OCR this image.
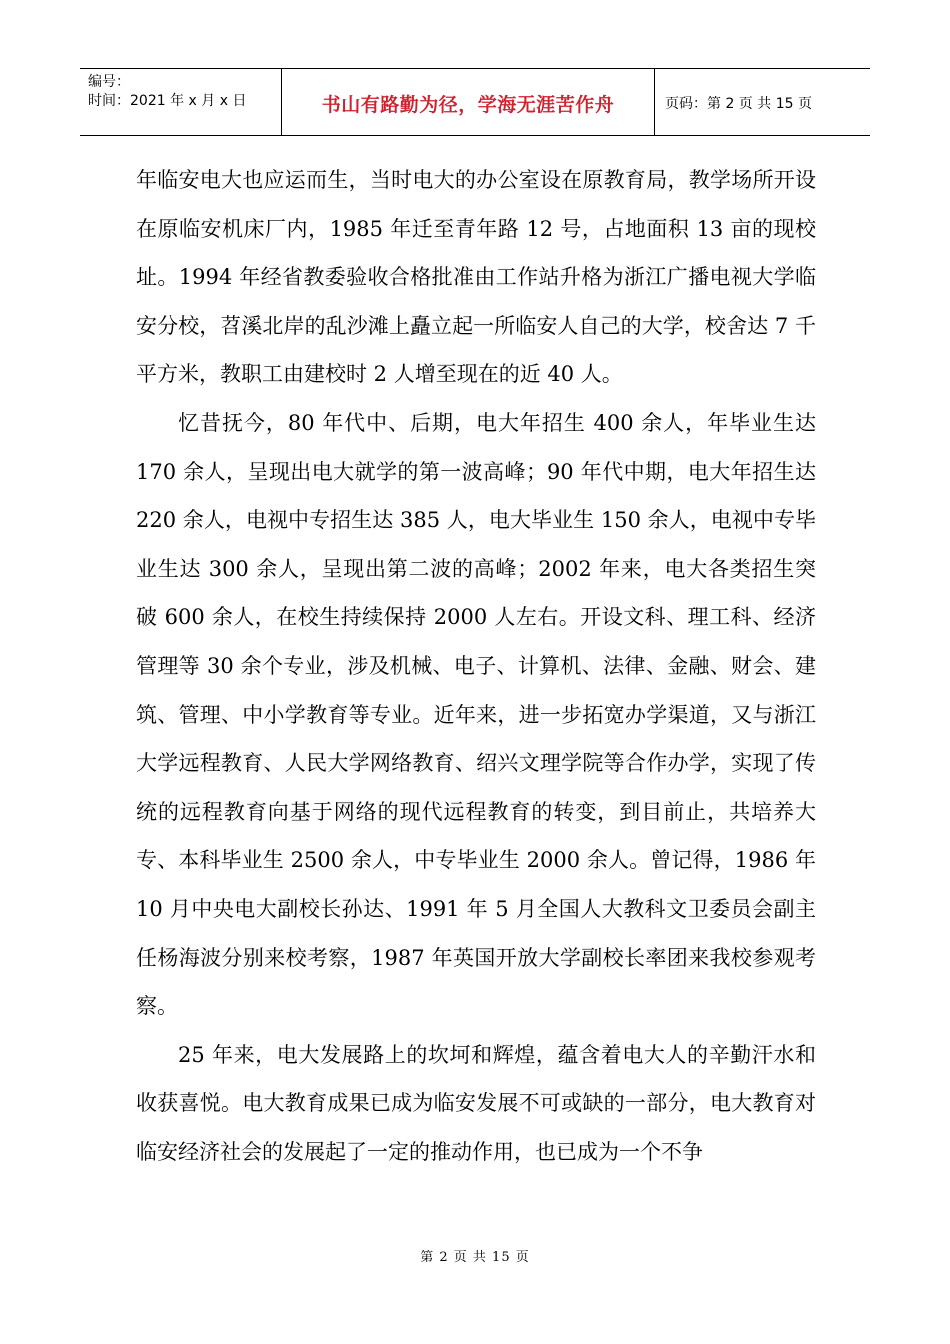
编号：
时间：2021 年 x 月 x 日	书山有路勤为径，学海无涯苦作舟	页码：第 2 页 共 15 页

年临安电大也应运而生，当时电大的办公室设在原教育局，教学场所开设在原临安机床厂内，1985 年迁至青年路 12 号，占地面积 13 亩的现校址。1994 年经省教委验收合格批准由工作站升格为浙江广播电视大学临安分校，苕溪北岸的乱沙滩上矗立起一所临安人自己的大学，校舍达 7 千平方米，教职工由建校时 2 人增至现在的近 40 人。

忆昔抚今，80 年代中、后期，电大年招生 400 余人，年毕业生达 170 余人，呈现出电大就学的第一波高峰；90 年代中期，电大年招生达 220 余人，电视中专招生达 385 人，电大毕业生 150 余人，电视中专毕业生达 300 余人，呈现出第二波的高峰；2002 年来，电大各类招生突破 600 余人，在校生持续保持 2000 人左右。开设文科、理工科、经济管理等 30 余个专业，涉及机械、电子、计算机、法律、金融、财会、建筑、管理、中小学教育等专业。近年来，进一步拓宽办学渠道，又与浙江大学远程教育、人民大学网络教育、绍兴文理学院等合作办学，实现了传统的远程教育向基于网络的现代远程教育的转变，到目前止，共培养大专、本科毕业生 2500 余人，中专毕业生 2000 余人。曾记得，1986 年 10 月中央电大副校长孙达、1991 年 5 月全国人大教科文卫委员会副主任杨海波分别来校考察，1987 年英国开放大学副校长率团来我校参观考察。

25 年来，电大发展路上的坎坷和辉煌，蕴含着电大人的辛勤汗水和收获喜悦。电大教育成果已成为临安发展不可或缺的一部分，电大教育对临安经济社会的发展起了一定的推动作用，也已成为一个不争

第 2 页 共 15 页
